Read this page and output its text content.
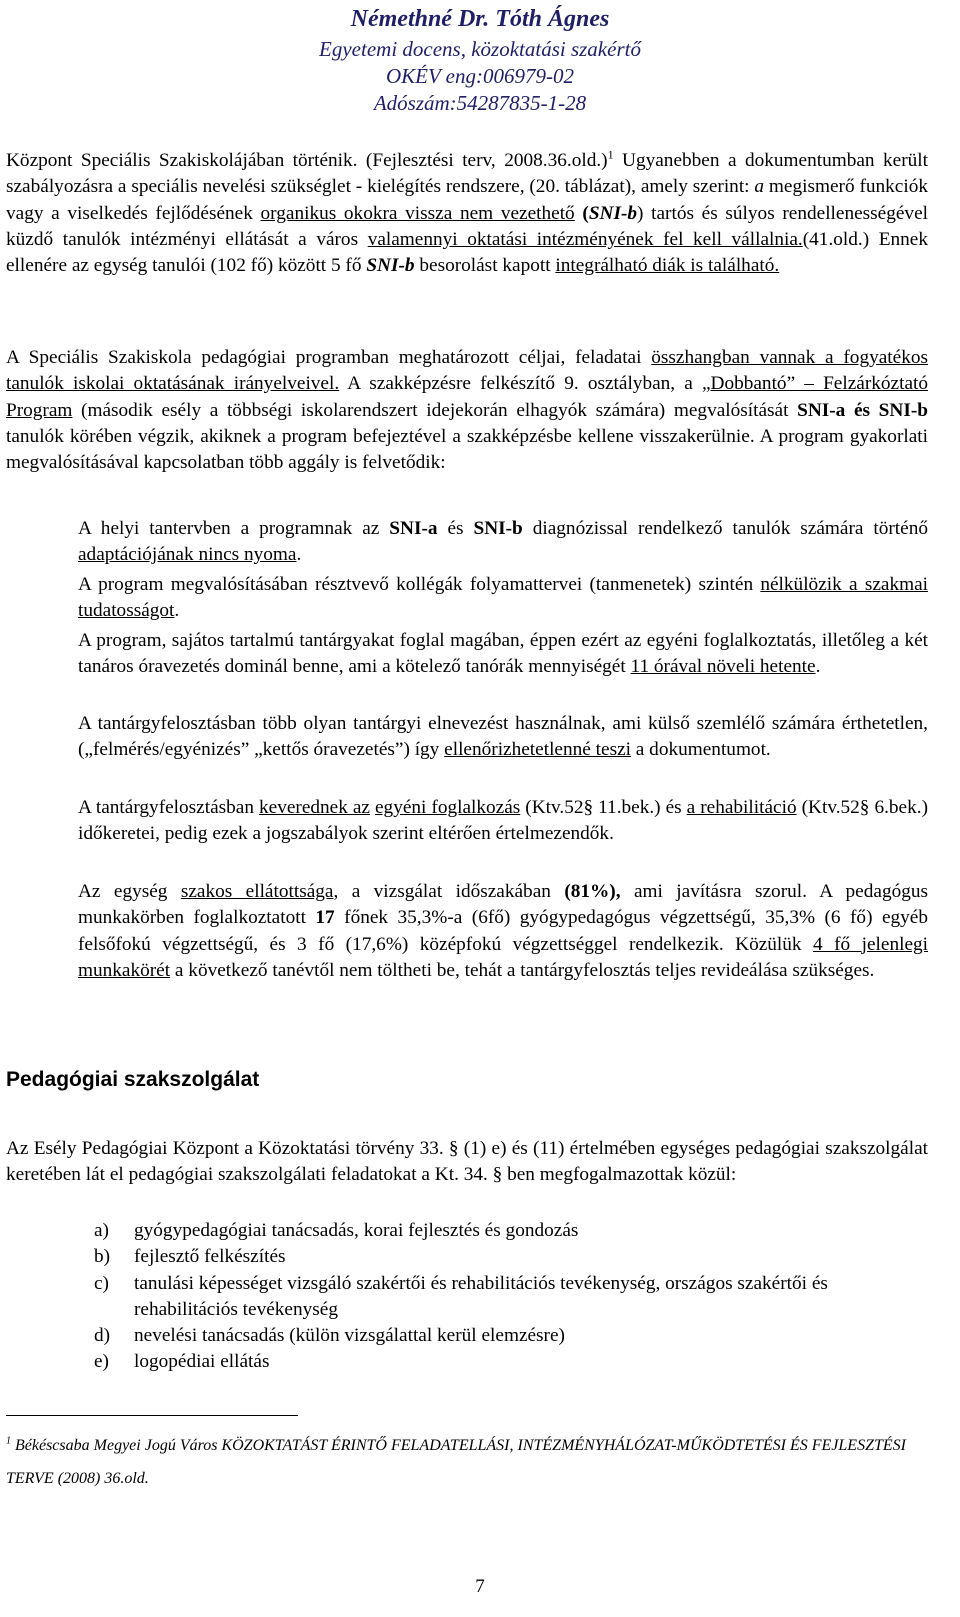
Némethné Dr. Tóth Ágnes
Egyetemi docens, közoktatási szakértő
OKÉV eng:006979-02
Adószám:54287835-1-28
Központ Speciális Szakiskolájában történik. (Fejlesztési terv, 2008.36.old.)$^1$ Ugyanebben a dokumentumban került szabályozásra a speciális nevelési szükséglet - kielégítés rendszere, (20. táblázat), amely szerint: a megismerő funkciók vagy a viselkedés fejlődésének organikus okokra vissza nem vezethető (SNI-b) tartós és súlyos rendellenességével küzdő tanulók intézményi ellátását a város valamennyi oktatási intézményének fel kell vállalnia.(41.old.) Ennek ellenére az egység tanulói (102 fő) között 5 fő SNI-b besorolást kapott integrálható diák is található.
A Speciális Szakiskola pedagógiai programban meghatározott céljai, feladatai összhangban vannak a fogyatékos tanulók iskolai oktatásának irányelveivel. A szakképzésre felkészítő 9. osztályban, a „Dobbantó” – Felzárkóztató Program (második esély a többségi iskolarendszert idejekorán elhagyók számára) megvalósítását SNI-a és SNI-b tanulók körében végzik, akiknek a program befejeztével a szakképzésbe kellene visszakerülnie. A program gyakorlati megvalósításával kapcsolatban több aggály is felvetődik:
A helyi tantervben a programnak az SNI-a és SNI-b diagnózissal rendelkező tanulók számára történő adaptációjának nincs nyoma.
A program megvalósításában résztvevő kollégák folyamattervei (tanmenetek) szintén nélkülözik a szakmai tudatosságot.
A program, sajátos tartalmú tantárgyakat foglal magában, éppen ezért az egyéni foglalkoztatás, illetőleg a két tanáros óravezetés dominál benne, ami a kötelező tanórák mennyiségét 11 órával növeli hetente.
A tantárgyfelosztásban több olyan tantárgyi elnevezést használnak, ami külső szemlélő számára érthetetlen, („felmérés/egyénizés” „kettős óravezetés”) így ellenőrizhetetlenné teszi a dokumentumot.
A tantárgyfelosztásban keverednek az egyéni foglalkozás (Ktv.52§ 11.bek.) és a rehabilitáció (Ktv.52§ 6.bek.) időkeretei, pedig ezek a jogszabályok szerint eltérően értelmezendők.
Az egység szakos ellátottsága, a vizsgálat időszakában (81%), ami javításra szorul. A pedagógus munkakörben foglalkoztatott 17 főnek 35,3%-a (6fő) gyógypedagógus végzettségű, 35,3% (6 fő) egyéb felsőfokú végzettségű, és 3 fő (17,6%) középfokú végzettséggel rendelkezik. Közülük 4 fő jelenlegi munkakörét a következő tanévtől nem töltheti be, tehát a tantárgyfelosztás teljes revideálása szükséges.
Pedagógiai szakszolgálat
Az Esély Pedagógiai Központ a Közoktatási törvény 33. § (1) e) és (11) értelmében egységes pedagógiai szakszolgálat keretében lát el pedagógiai szakszolgálati feladatokat a Kt. 34. § ben megfogalmazottak közül:
a) gyógypedagógiai tanácsadás, korai fejlesztés és gondozás
b) fejlesztő felkészítés
c) tanulási képességet vizsgáló szakértői és rehabilitációs tevékenység, országos szakértői és rehabilitációs tevékenység
d) nevelési tanácsadás (külön vizsgálattal kerül elemzésre)
e) logopédiai ellátás
$^1$ Békéscsaba Megyei Jogú Város KÖZOKTATÁST ÉRINTŐ FELADATELLÁSI, INTÉZMÉNYHÁLÓZAT-MŰKÖDTETÉSI ÉS FEJLESZTÉSI TERVE (2008) 36.old.
7
